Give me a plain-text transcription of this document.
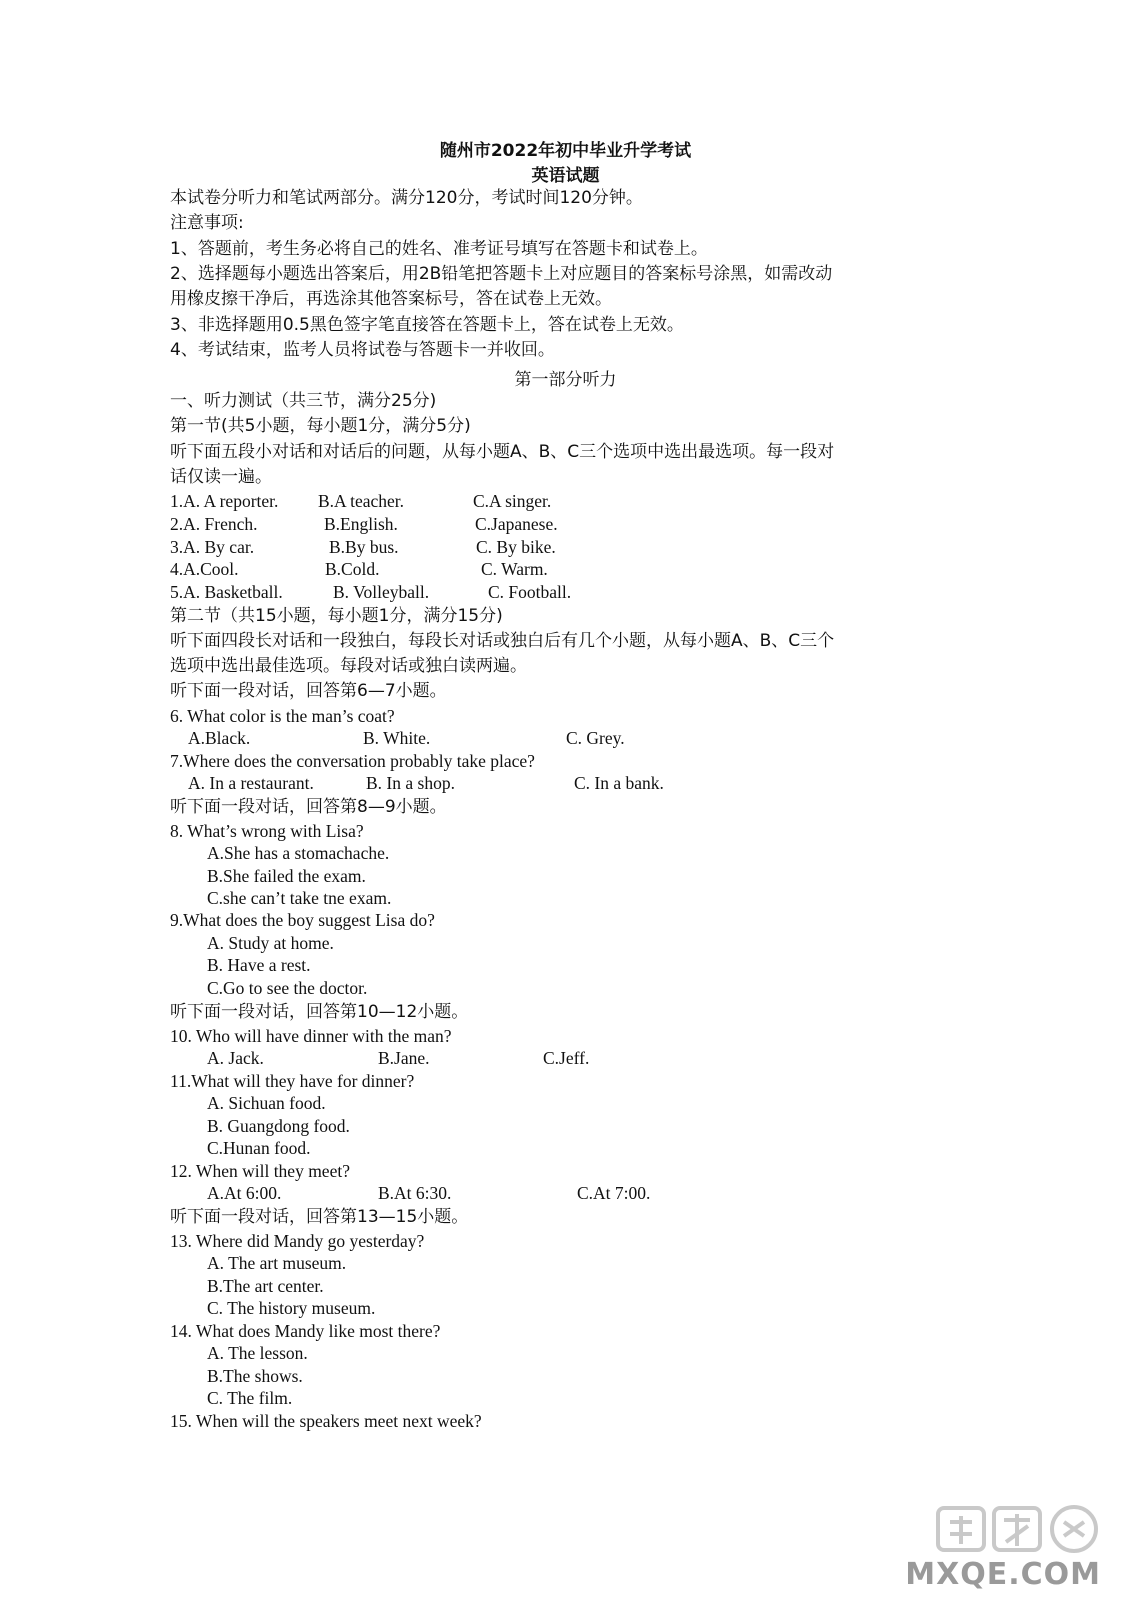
随州市2022年初中毕业升学考试
英语试题
本试卷分听力和笔试两部分。满分120分，考试时间120分钟。
注意事项:
1、答题前，考生务必将自己的姓名、准考证号填写在答题卡和试卷上。
2、选择题每小题选出答案后，用2B铅笔把答题卡上对应题目的答案标号涂黑，如需改动
用橡皮擦干净后，再选涂其他答案标号，答在试卷上无效。
3、非选择题用0.5黑色签字笔直接答在答题卡上，答在试卷上无效。
4、考试结束，监考人员将试卷与答题卡一并收回。
第一部分听力
一、听力测试（共三节，满分25分)
第一节(共5小题，每小题1分，满分5分)
听下面五段小对话和对话后的问题，从每小题A、B、C三个选项中选出最选项。每一段对
话仅读一遍。
1.A. A reporter. B.A teacher.	C.A singer.
2.A. French.	B.English.	C.Japanese.
3.A. By car.	B.By bus.	C. By bike.
4.A.Cool.	B.Cold.	C. Warm.
5.A. Basketball.	B. Volleyball.	C. Football.
第二节（共15小题，每小题1分，满分15分)
听下面四段长对话和一段独白，每段长对话或独白后有几个小题，从每小题A、B、C三个
选项中选出最佳选项。每段对话或独白读两遍。
听下面一段对话，回答第6—7小题。
6. What color is the man’s coat?
A.Black.	B. White.	C. Grey.
7.Where does the conversation probably take place?
A. In a restaurant.	B. In a shop.	C. In a bank.
听下面一段对话，回答第8—9小题。
8. What’s wrong with Lisa?
A.She has a stomachache.
B.She failed the exam.
C.she can’t take tne exam.
9.What does the boy suggest Lisa do?
A. Study at home.
B. Have a rest.
C.Go to see the doctor.
听下面一段对话，回答第10—12小题。
10. Who will have dinner with the man?
A. Jack.	B.Jane.	C.Jeff.
11.What will they have for dinner?
A. Sichuan food.
B. Guangdong food.
C.Hunan food.
12. When will they meet?
A.At 6:00.	B.At 6:30.	C.At 7:00.
听下面一段对话，回答第13—15小题。
13. Where did Mandy go yesterday?
A. The art museum.
B.The art center.
C. The history museum.
14. What does Mandy like most there?
A. The lesson.
B.The shows.
C. The film.
15. When will the speakers meet next week?
MXQE.COM
